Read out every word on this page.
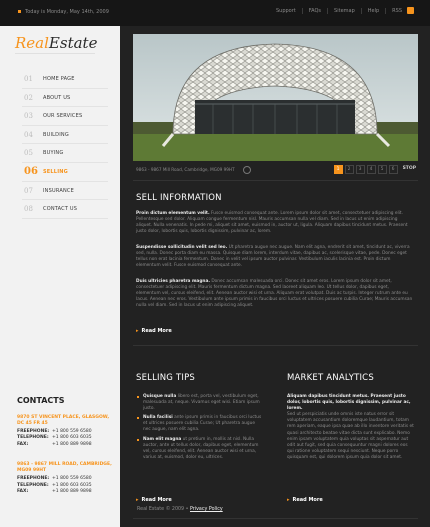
Today is Monday, May 14th, 2009	Support	FAQs	Sitemap	Help	RSS
RealEstate
01 HOME PAGE
02 ABOUT US
03 OUR SERVICES
04 BUILDING
05 BUYING
06 SELLING
07 INSURANCE
08 CONTACT US
CONTACTS
9870 ST VINCENT PLACE, GLASGOW, DC 45 FR 45
FREEPHONE: +1 800 559 6580
TELEPHONE: +1 800 603 6035
FAX:	+1 800 889 9898
9863 - 9867 MILL ROAD, CAMBRIDGE, MG09 99HT
FREEPHONE: +1 800 559 6580
TELEPHONE: +1 800 603 6035
FAX:	+1 800 889 9898
9863 - 9867 Mill Road, Cambridge, MG09 99HT	1	2	3	4	5	6	STOP
SELL INFORMATION
Proin dictum elementum velit. Fusce euismod consequat ante. Lorem ipsum dolor sit amet, consectetuer adipiscing elit. Pellentesque sed dolor. Aliquam congue fermentum nisl. Mauris accumsan nulla vel diam. Sed in lacus ut enim adipiscing aliquet. Nulla venenatis. In pede mi, aliquet sit amet, euismod in, auctor ut, ligula. Aliquam dapibus tincidunt metus. Praesent justo dolor, lobortis quis, lobortis dignissim, pulvinar ac, lorem.
Suspendisse sollicitudin velit sed leo. Ut pharetra augue nec augue. Nam elit agna, endrerit sit amet, tincidunt ac, viverra sed, nulla. Donec porta diam eu massa. Quisque diam lorem, interdum vitae, dapibus ac, scelerisque vitae, pede. Donec eget tellus non erat lacinia fermentum. Donec in velit vel ipsum auctor pulvinar. Vestibulum iaculis lacinia est. Proin dictum elementum velit. Fusce euismod consequat ante.
Duis ultricies pharetra magna. Donec accumsan malesuada orci. Donec sit amet eros. Lorem ipsum dolor sit amet, consectetuer adipiscing elit. Mauris fermentum dictum magna. Sed laoreet aliquam leo. Ut tellus dolor, dapibus eget, elementum vel, cursus eleifend, elit. Aenean auctor wisi et urna. Aliquam erat volutpat. Duis ac turpis. Integer rutrum ante eu lacus. Aenean nec eros. Vestibulum ante ipsum primis in faucibus orci luctus et ultrices posuere cubilia Curae; Mauris accumsan nulla vel diam. Sed in lacus ut enim adipiscing aliquet.
▸ Read More
SELLING TIPS	MARKET ANALYTICS
Quisque nulla libero est, porta vel, vestibulum eget, malesuada at, neque. Vivamus eget wisi. Etiam ipsum justo.
Nulla facilisi ante ipsum primis in faucibus orci luctus et ultrices posuere cubilia Curae; Ut pharetra augue nec augue, nam elit agna.
Nam elit magna ut pretium in, mollis at nisl. Nulla auctor, ante ut tellus dolor, dapibus eget, elementum vel, cursus eleifend, elit. Aenean auctor wisi et urna, varius at, euismod, dolor eu, ultrices.
Aliquam dapibus tincidunt metus. Praesent justo dolor, lobortis quis, lobortis dignissim, pulvinar ac, lorem.
Sed ut perspiciatis unde omnis iste natus error sit voluptatem accusantium doloremque laudantium, totam rem aperiam, eaque ipsa quae ab illo inventore veritatis et quasi architecto beatae vitae dicta sunt explicabo. Nemo enim ipsam voluptatem quia voluptas sit aspernatur aut odit aut fugit, sed quia consequuntur magni dolores eos qui ratione voluptatem sequi nesciunt. Neque porro quisquam est, qui dolorem ipsum quia dolor sit amet.
▸ Read More	▸ Read More
Real Estate © 2009 • Privacy Policy
